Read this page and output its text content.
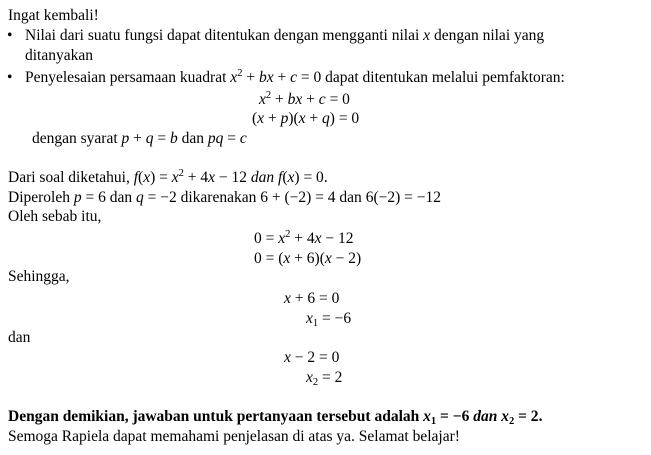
Ingat kembali!
• Nilai dari suatu fungsi dapat ditentukan dengan mengganti nilai x dengan nilai yang
ditanyakan
• Penyelesaian persamaan kuadrat $x^2$ + bx + c = 0 dapat ditentukan melalui pemfaktoran:
$x^2$ + bx + c = 0
(x + p)(x + q) = 0
dengan syarat p + q = b dan pq = c
Dari soal diketahui, $f(x) = x^2 + 4x - 12$ dan f(x) = 0.
Diperoleh p = 6 dan q = −2 dikarenakan 6 + (−2) = 4 dan 6(−2) = −12
Oleh sebab itu,
$0 = x^2 + 4x - 12$
0 = (x + 6)(x − 2)
Sehingga,
x + 6 = 0
$x_1 = -6$
dan
x − 2 = 0
$x_2 = 2$
Dengan demikian, jawaban untuk pertanyaan tersebut adalah $x_1 = -6$ dan $x_2 = 2$.
Semoga Rapiela dapat memahami penjelasan di atas ya. Selamat belajar!
